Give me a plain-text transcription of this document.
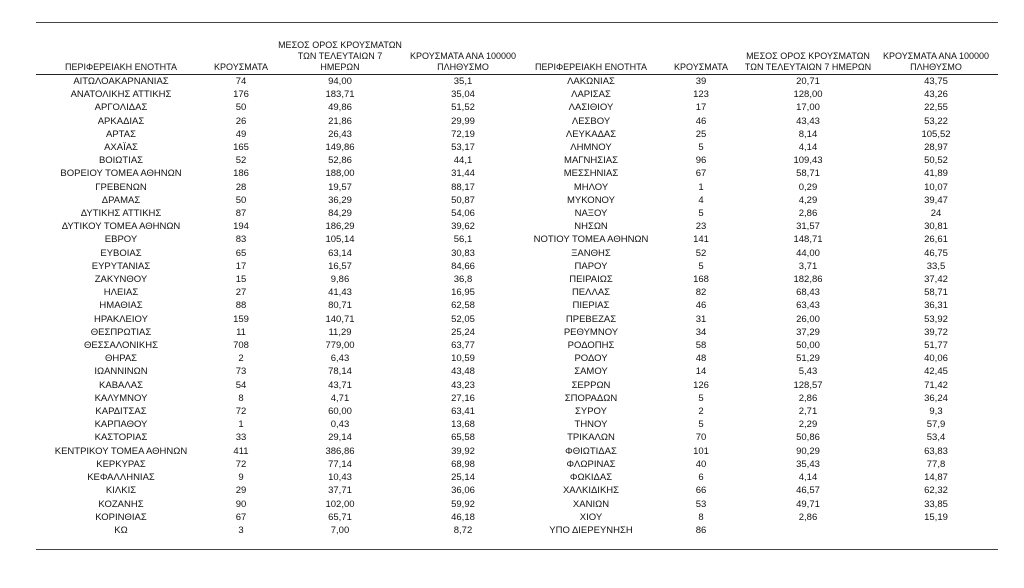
ΠΕΡΙΦΕΡΕΙΑΚΗ ΕΝΟΤΗΤΑ	ΚΡΟΥΣΜΑΤΑ	ΜΕΣΟΣ ΟΡΟΣ ΚΡΟΥΣΜΑΤΩΝ ΤΩΝ ΤΕΛΕΥΤΑΙΩΝ 7 ΗΜΕΡΩΝ	ΚΡΟΥΣΜΑΤΑ ΑΝΑ 100000 ΠΛΗΘΥΣΜΟ
ΑΙΤΩΛΟΑΚΑΡΝΑΝΙΑΣ	74	94,00	35,1
ΑΝΑΤΟΛΙΚΗΣ ΑΤΤΙΚΗΣ	176	183,71	35,04
ΑΡΓΟΛΙΔΑΣ	50	49,86	51,52
ΑΡΚΑΔΙΑΣ	26	21,86	29,99
ΑΡΤΑΣ	49	26,43	72,19
ΑΧΑΪΑΣ	165	149,86	53,17
ΒΟΙΩΤΙΑΣ	52	52,86	44,1
ΒΟΡΕΙΟΥ ΤΟΜΕΑ ΑΘΗΝΩΝ	186	188,00	31,44
ΓΡΕΒΕΝΩΝ	28	19,57	88,17
ΔΡΑΜΑΣ	50	36,29	50,87
ΔΥΤΙΚΗΣ ΑΤΤΙΚΗΣ	87	84,29	54,06
ΔΥΤΙΚΟΥ ΤΟΜΕΑ ΑΘΗΝΩΝ	194	186,29	39,62
ΕΒΡΟΥ	83	105,14	56,1
ΕΥΒΟΙΑΣ	65	63,14	30,83
ΕΥΡΥΤΑΝΙΑΣ	17	16,57	84,66
ΖΑΚΥΝΘΟΥ	15	9,86	36,8
ΗΛΕΙΑΣ	27	41,43	16,95
ΗΜΑΘΙΑΣ	88	80,71	62,58
ΗΡΑΚΛΕΙΟΥ	159	140,71	52,05
ΘΕΣΠΡΩΤΙΑΣ	11	11,29	25,24
ΘΕΣΣΑΛΟΝΙΚΗΣ	708	779,00	63,77
ΘΗΡΑΣ	2	6,43	10,59
ΙΩΑΝΝΙΝΩΝ	73	78,14	43,48
ΚΑΒΑΛΑΣ	54	43,71	43,23
ΚΑΛΥΜΝΟΥ	8	4,71	27,16
ΚΑΡΔΙΤΣΑΣ	72	60,00	63,41
ΚΑΡΠΑΘΟΥ	1	0,43	13,68
ΚΑΣΤΟΡΙΑΣ	33	29,14	65,58
ΚΕΝΤΡΙΚΟΥ ΤΟΜΕΑ ΑΘΗΝΩΝ	411	386,86	39,92
ΚΕΡΚΥΡΑΣ	72	77,14	68,98
ΚΕΦΑΛΛΗΝΙΑΣ	9	10,43	25,14
ΚΙΛΚΙΣ	29	37,71	36,06
ΚΟΖΑΝΗΣ	90	102,00	59,92
ΚΟΡΙΝΘΙΑΣ	67	65,71	46,18
ΚΩ	3	7,00	8,72
ΠΕΡΙΦΕΡΕΙΑΚΗ ΕΝΟΤΗΤΑ	ΚΡΟΥΣΜΑΤΑ	ΜΕΣΟΣ ΟΡΟΣ ΚΡΟΥΣΜΑΤΩΝ ΤΩΝ ΤΕΛΕΥΤΑΙΩΝ 7 ΗΜΕΡΩΝ	ΚΡΟΥΣΜΑΤΑ ΑΝΑ 100000 ΠΛΗΘΥΣΜΟ
ΛΑΚΩΝΙΑΣ	39	20,71	43,75
ΛΑΡΙΣΑΣ	123	128,00	43,26
ΛΑΣΙΘΙΟΥ	17	17,00	22,55
ΛΕΣΒΟΥ	46	43,43	53,22
ΛΕΥΚΑΔΑΣ	25	8,14	105,52
ΛΗΜΝΟΥ	5	4,14	28,97
ΜΑΓΝΗΣΙΑΣ	96	109,43	50,52
ΜΕΣΣΗΝΙΑΣ	67	58,71	41,89
ΜΗΛΟΥ	1	0,29	10,07
ΜΥΚΟΝΟΥ	4	4,29	39,47
ΝΑΞΟΥ	5	2,86	24
ΝΗΣΩΝ	23	31,57	30,81
ΝΟΤΙΟΥ ΤΟΜΕΑ ΑΘΗΝΩΝ	141	148,71	26,61
ΞΑΝΘΗΣ	52	44,00	46,75
ΠΑΡΟΥ	5	3,71	33,5
ΠΕΙΡΑΙΩΣ	168	182,86	37,42
ΠΕΛΛΑΣ	82	68,43	58,71
ΠΙΕΡΙΑΣ	46	63,43	36,31
ΠΡΕΒΕΖΑΣ	31	26,00	53,92
ΡΕΘΥΜΝΟΥ	34	37,29	39,72
ΡΟΔΟΠΗΣ	58	50,00	51,77
ΡΟΔΟΥ	48	51,29	40,06
ΣΑΜΟΥ	14	5,43	42,45
ΣΕΡΡΩΝ	126	128,57	71,42
ΣΠΟΡΑΔΩΝ	5	2,86	36,24
ΣΥΡΟΥ	2	2,71	9,3
ΤΗΝΟΥ	5	2,29	57,9
ΤΡΙΚΑΛΩΝ	70	50,86	53,4
ΦΘΙΩΤΙΔΑΣ	101	90,29	63,83
ΦΛΩΡΙΝΑΣ	40	35,43	77,8
ΦΩΚΙΔΑΣ	6	4,14	14,87
ΧΑΛΚΙΔΙΚΗΣ	66	46,57	62,32
ΧΑΝΙΩΝ	53	49,71	33,85
ΧΙΟΥ	8	2,86	15,19
ΥΠΟ ΔΙΕΡΕΥΝΗΣΗ	86		
